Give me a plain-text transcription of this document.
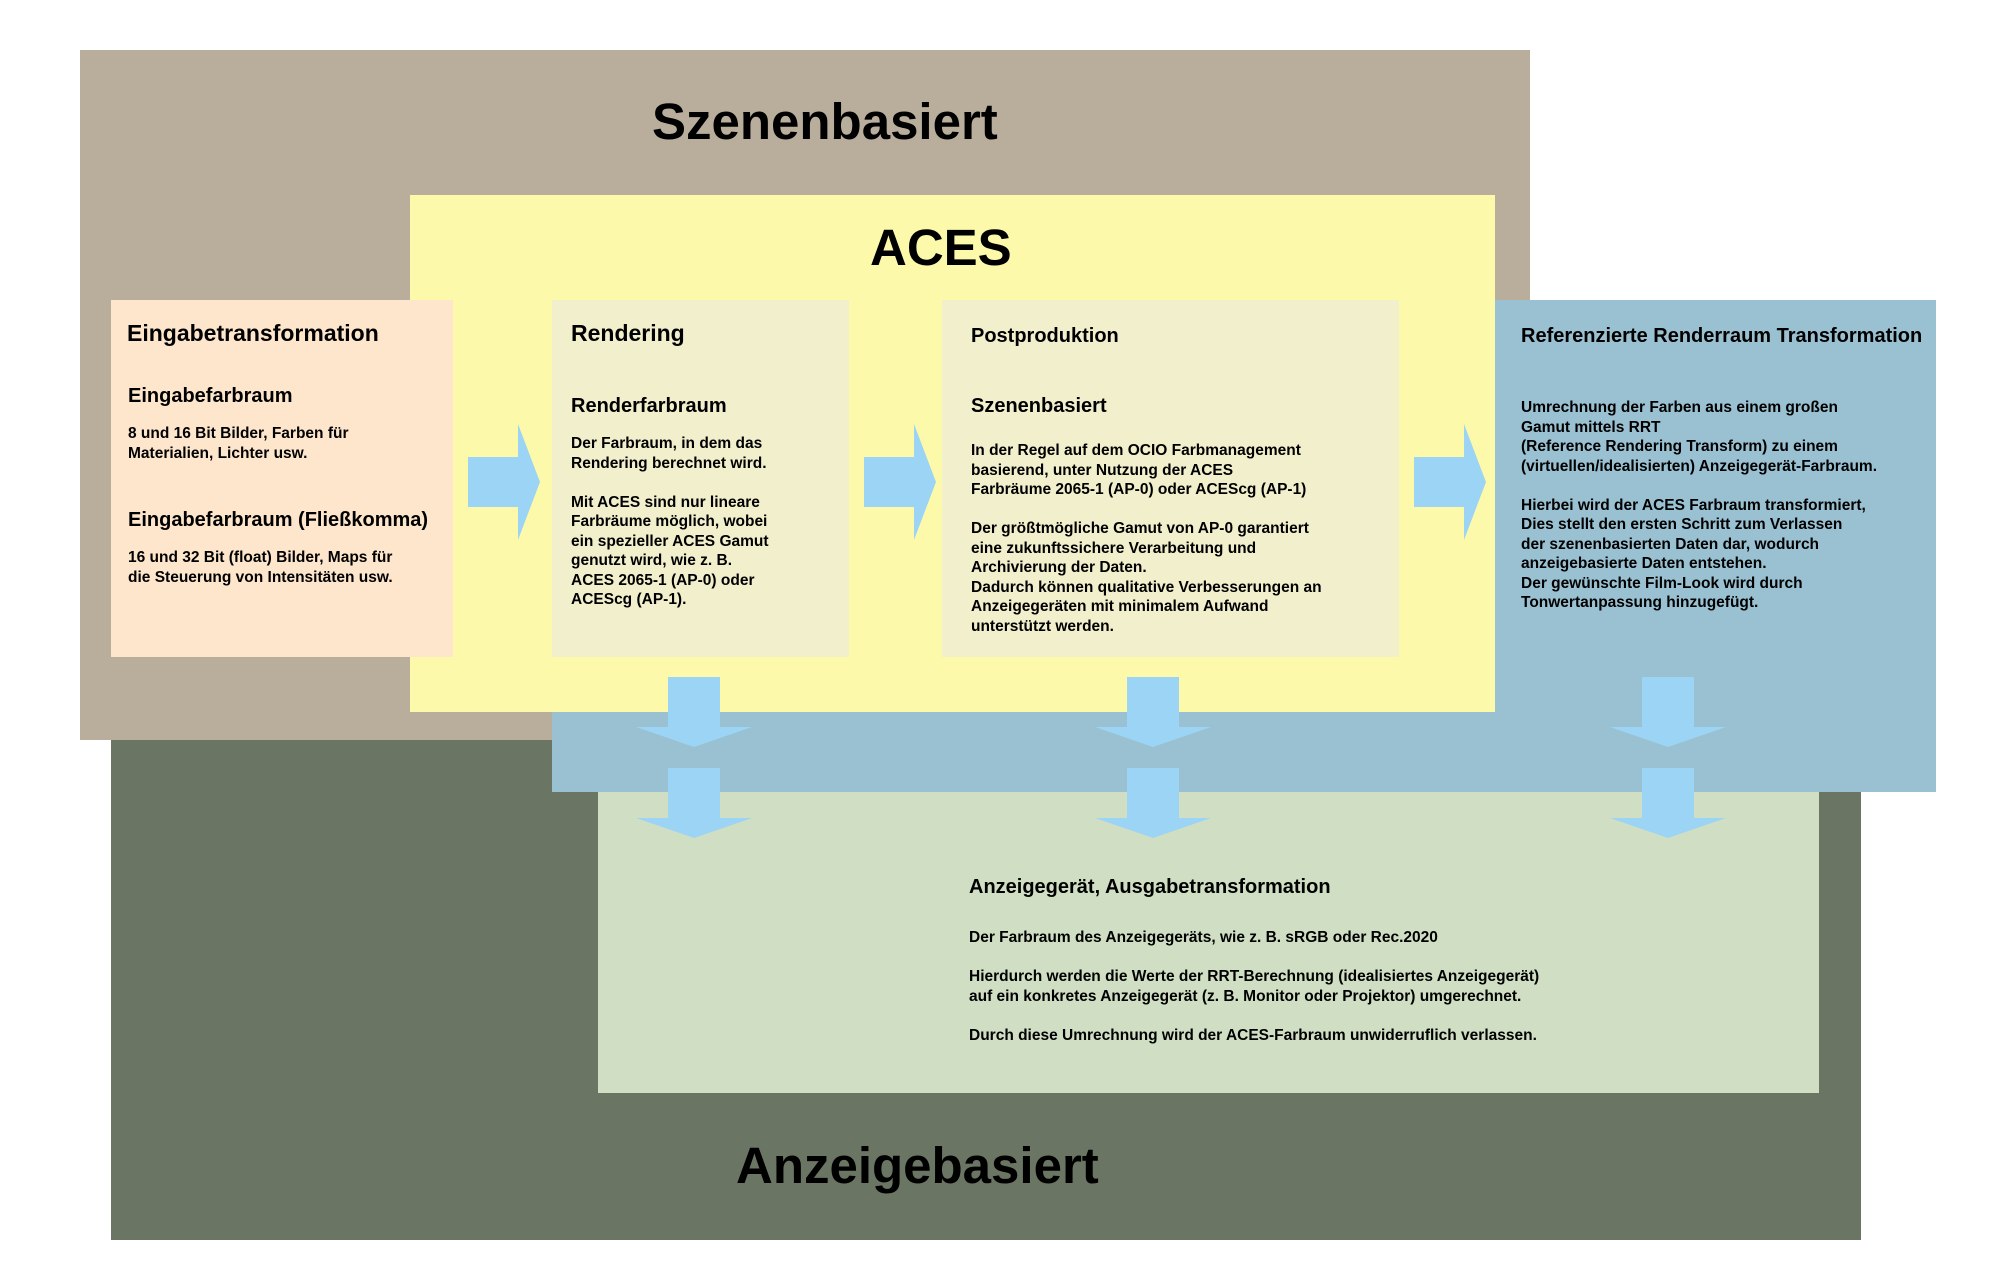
Szenenbasiert
ACES
Anzeigegerät, Ausgabetransformation
Der Farbraum des Anzeigegeräts, wie z. B. sRGB oder Rec.2020

Hierdurch werden die Werte der RRT-Berechnung (idealisiertes Anzeigegerät)
auf ein konkretes Anzeigegerät (z. B. Monitor oder Projektor) umgerechnet.

Durch diese Umrechnung wird der ACES-Farbraum unwiderruflich verlassen.
Anzeigebasiert
Eingabetransformation
Eingabefarbraum
8 und 16 Bit Bilder, Farben für
Materialien, Lichter usw.
Eingabefarbraum (Fließkomma)
16 und 32 Bit (float) Bilder, Maps für
die Steuerung von Intensitäten usw.
Rendering
Renderfarbraum
Der Farbraum, in dem das
Rendering berechnet wird.

Mit ACES sind nur lineare
Farbräume möglich, wobei
ein spezieller ACES Gamut
genutzt wird, wie z. B.
ACES 2065-1 (AP-0) oder
ACEScg (AP-1).
Postproduktion
Szenenbasiert
In der Regel auf dem OCIO Farbmanagement
basierend, unter Nutzung der ACES
Farbräume 2065-1 (AP-0) oder ACEScg (AP-1)

Der größtmögliche Gamut von AP-0 garantiert
eine zukunftssichere Verarbeitung und
Archivierung der Daten.
Dadurch können qualitative Verbesserungen an
Anzeigegeräten mit minimalem Aufwand
unterstützt werden.
Referenzierte Renderraum Transformation
Umrechnung der Farben aus einem großen
Gamut mittels RRT
(Reference Rendering Transform) zu einem
(virtuellen/idealisierten) Anzeigegerät-Farbraum.

Hierbei wird der ACES Farbraum transformiert,
Dies stellt den ersten Schritt zum Verlassen
der szenenbasierten Daten dar, wodurch
anzeigebasierte Daten entstehen.
Der gewünschte Film-Look wird durch
Tonwertanpassung hinzugefügt.
